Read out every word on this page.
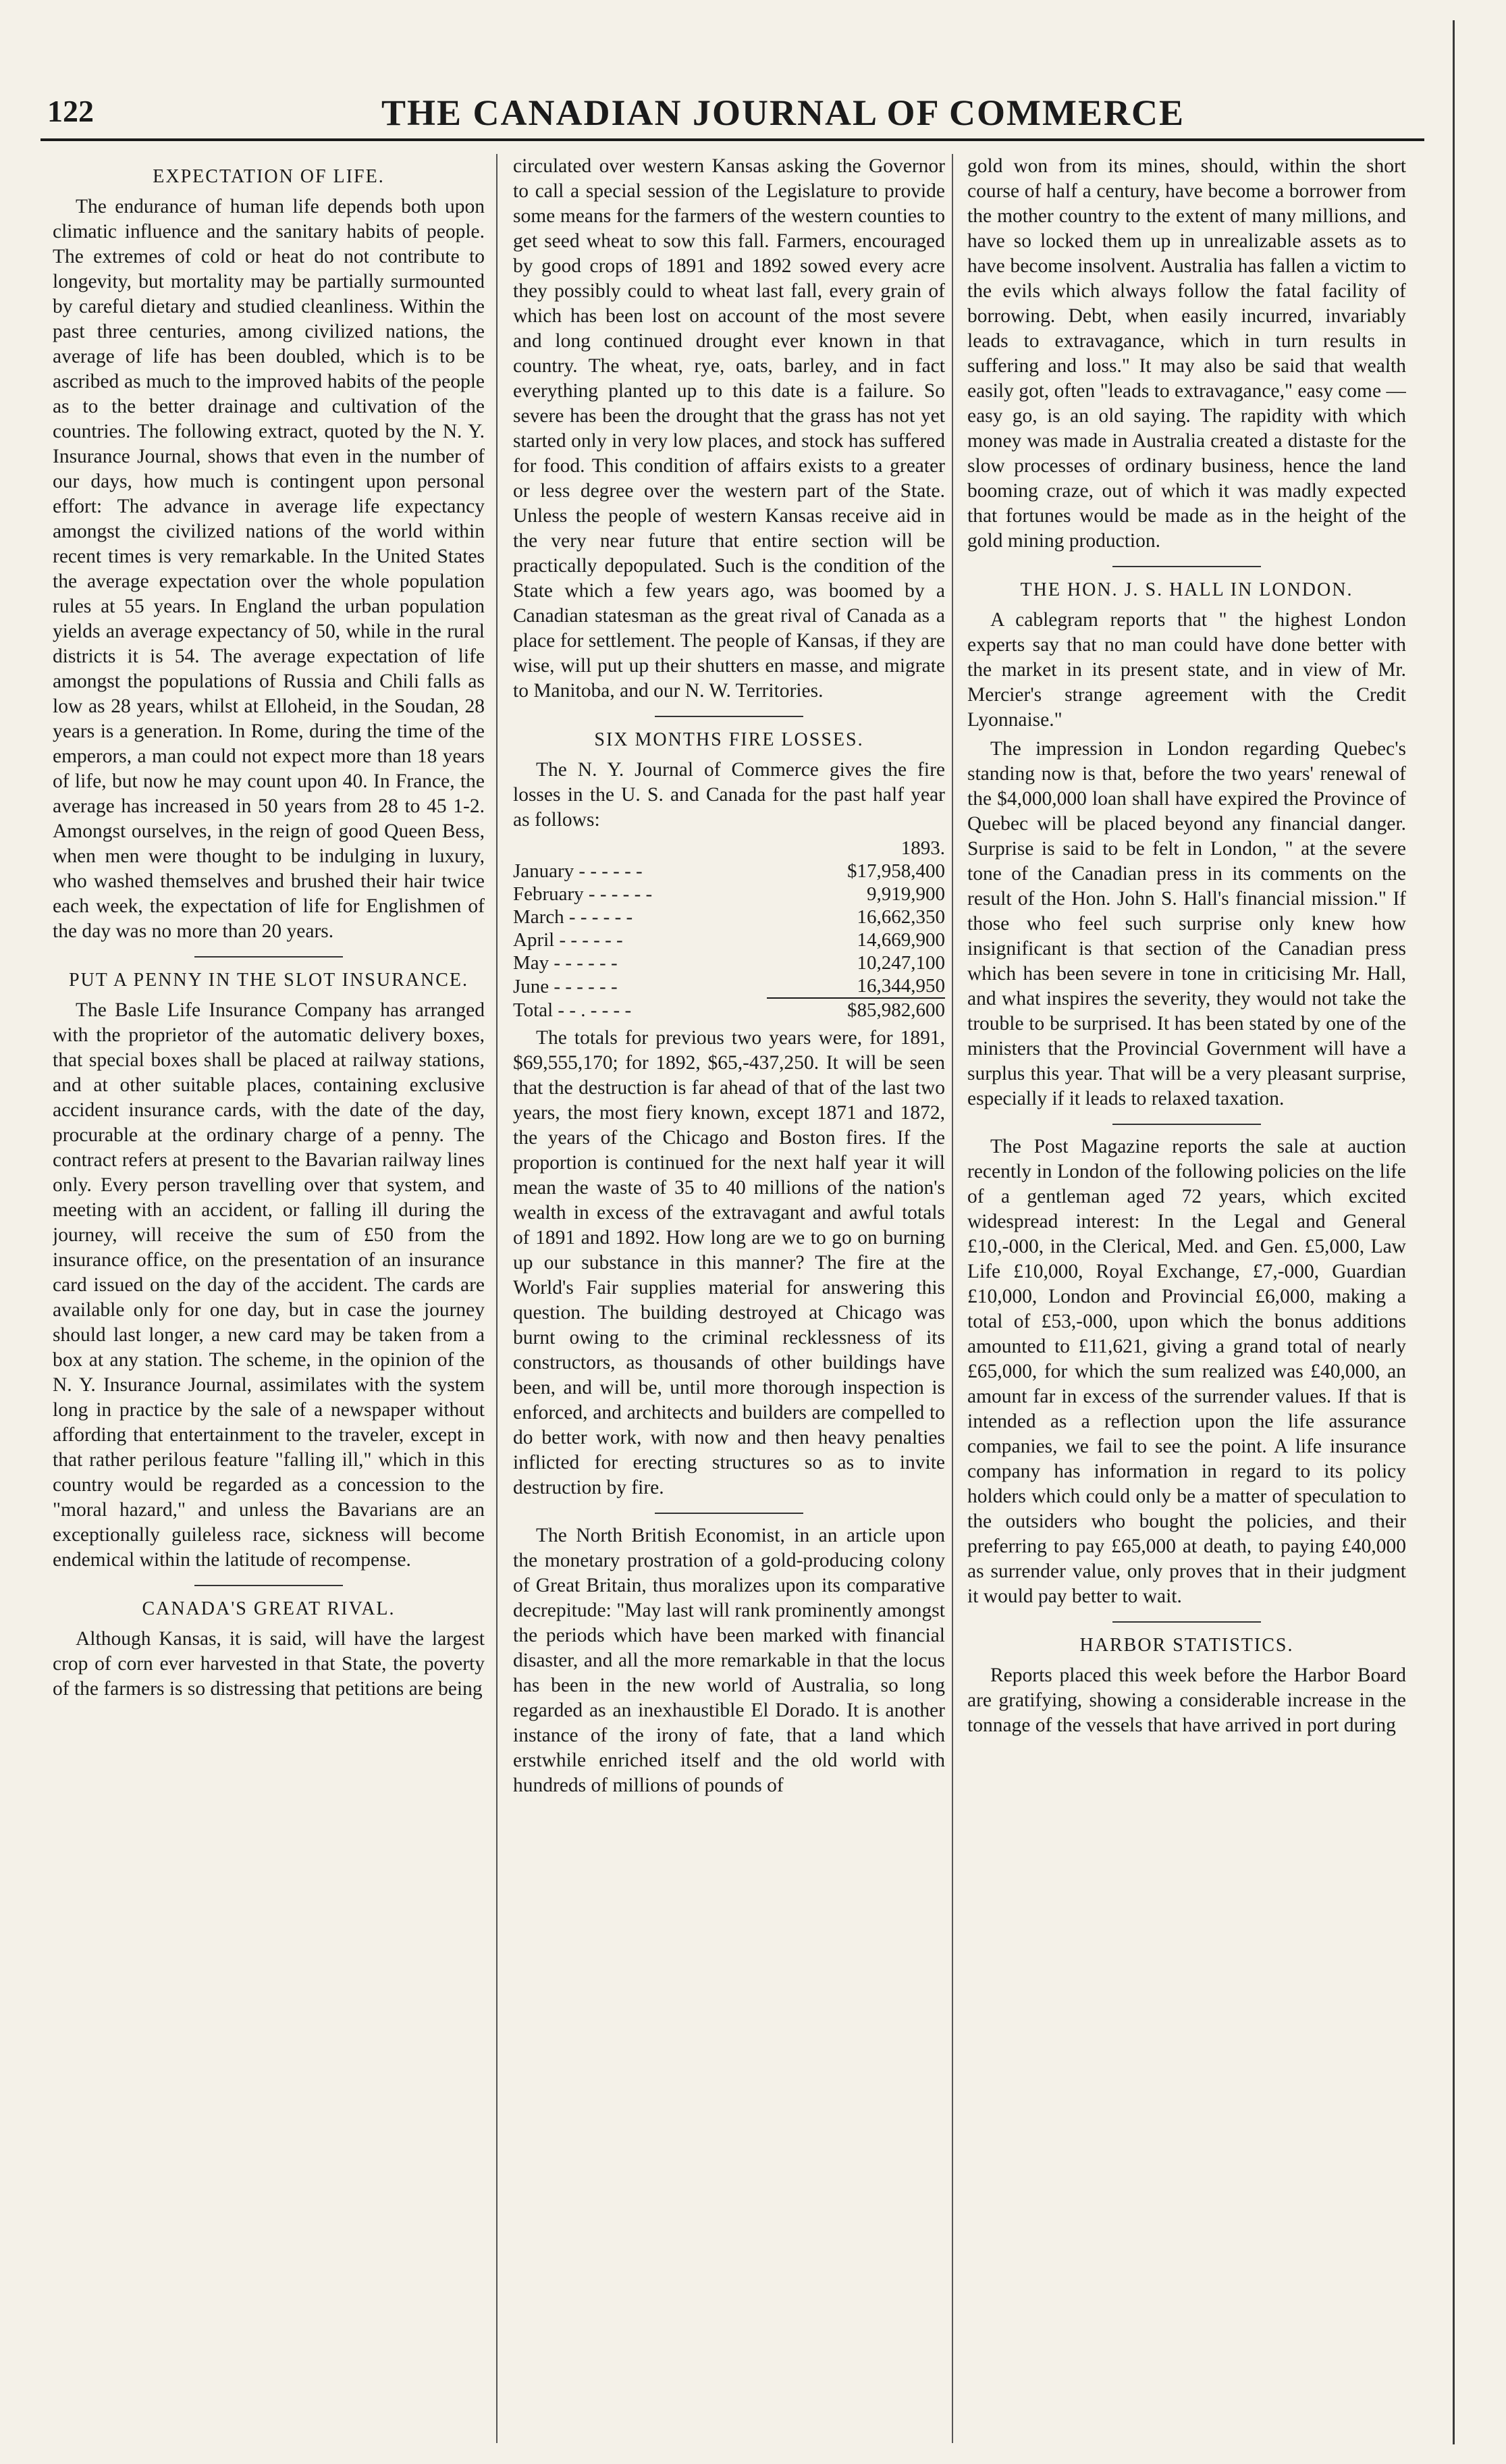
122	THE CANADIAN JOURNAL OF COMMERCE
EXPECTATION OF LIFE.

The endurance of human life depends both upon climatic influence and the sanitary habits of people. The extremes of cold or heat do not contribute to longevity, but mortality may be partially surmounted by careful dietary and studied cleanliness. Within the past three centuries, among civilized nations, the average of life has been doubled, which is to be ascribed as much to the improved habits of the people as to the better drainage and cultivation of the countries. The following extract, quoted by the N. Y. Insurance Journal, shows that even in the number of our days, how much is contingent upon personal effort: The advance in average life expectancy amongst the civilized nations of the world within recent times is very remarkable. In the United States the average expectation over the whole population rules at 55 years. In England the urban population yields an average expectancy of 50, while in the rural districts it is 54. The average expectation of life amongst the populations of Russia and Chili falls as low as 28 years, whilst at Elloheid, in the Soudan, 28 years is a generation. In Rome, during the time of the emperors, a man could not expect more than 18 years of life, but now he may count upon 40. In France, the average has increased in 50 years from 28 to 45 1-2. Amongst ourselves, in the reign of good Queen Bess, when men were thought to be indulging in luxury, who washed themselves and brushed their hair twice each week, the expectation of life for Englishmen of the day was no more than 20 years.

PUT A PENNY IN THE SLOT INSURANCE.

The Basle Life Insurance Company has arranged with the proprietor of the automatic delivery boxes, that special boxes shall be placed at railway stations, and at other suitable places, containing exclusive accident insurance cards, with the date of the day, procurable at the ordinary charge of a penny. The contract refers at present to the Bavarian railway lines only. Every person travelling over that system, and meeting with an accident, or falling ill during the journey, will receive the sum of £50 from the insurance office, on the presentation of an insurance card issued on the day of the accident. The cards are available only for one day, but in case the journey should last longer, a new card may be taken from a box at any station. The scheme, in the opinion of the N. Y. Insurance Journal, assimilates with the system long in practice by the sale of a newspaper without affording that entertainment to the traveler, except in that rather perilous feature "falling ill," which in this country would be regarded as a concession to the "moral hazard," and unless the Bavarians are an exceptionally guileless race, sickness will become endemical within the latitude of recompense.

CANADA'S GREAT RIVAL.

Although Kansas, it is said, will have the largest crop of corn ever harvested in that State, the poverty of the farmers is so distressing that petitions are being

circulated over western Kansas asking the Governor to call a special session of the Legislature to provide some means for the farmers of the western counties to get seed wheat to sow this fall. Farmers, encouraged by good crops of 1891 and 1892 sowed every acre they possibly could to wheat last fall, every grain of which has been lost on account of the most severe and long continued drought ever known in that country. The wheat, rye, oats, barley, and in fact everything planted up to this date is a failure. So severe has been the drought that the grass has not yet started only in very low places, and stock has suffered for food. This condition of affairs exists to a greater or less degree over the western part of the State. Unless the people of western Kansas receive aid in the very near future that entire section will be practically depopulated. Such is the condition of the State which a few years ago, was boomed by a Canadian statesman as the great rival of Canada as a place for settlement. The people of Kansas, if they are wise, will put up their shutters en masse, and migrate to Manitoba, and our N. W. Territories.

SIX MONTHS FIRE LOSSES.

The N. Y. Journal of Commerce gives the fire losses in the U. S. and Canada for the past half year as follows:

	1893.
January - - - - - -	$17,958,400
February - - - - - -	9,919,900
March - - - - - -	16,662,350
April - - - - - -	14,669,900
May - - - - - -	10,247,100
June - - - - - -	16,344,950
Total - - . - - - -	$85,982,600

The totals for previous two years were, for 1891, $69,555,170; for 1892, $65,-437,250. It will be seen that the destruction is far ahead of that of the last two years, the most fiery known, except 1871 and 1872, the years of the Chicago and Boston fires. If the proportion is continued for the next half year it will mean the waste of 35 to 40 millions of the nation's wealth in excess of the extravagant and awful totals of 1891 and 1892. How long are we to go on burning up our substance in this manner? The fire at the World's Fair supplies material for answering this question. The building destroyed at Chicago was burnt owing to the criminal recklessness of its constructors, as thousands of other buildings have been, and will be, until more thorough inspection is enforced, and architects and builders are compelled to do better work, with now and then heavy penalties inflicted for erecting structures so as to invite destruction by fire.

The North British Economist, in an article upon the monetary prostration of a gold-producing colony of Great Britain, thus moralizes upon its comparative decrepitude: "May last will rank prominently amongst the periods which have been marked with financial disaster, and all the more remarkable in that the locus has been in the new world of Australia, so long regarded as an inexhaustible El Dorado. It is another instance of the irony of fate, that a land which erstwhile enriched itself and the old world with hundreds of millions of pounds of

gold won from its mines, should, within the short course of half a century, have become a borrower from the mother country to the extent of many millions, and have so locked them up in unrealizable assets as to have become insolvent. Australia has fallen a victim to the evils which always follow the fatal facility of borrowing. Debt, when easily incurred, invariably leads to extravagance, which in turn results in suffering and loss." It may also be said that wealth easily got, often "leads to extravagance," easy come —easy go, is an old saying. The rapidity with which money was made in Australia created a distaste for the slow processes of ordinary business, hence the land booming craze, out of which it was madly expected that fortunes would be made as in the height of the gold mining production.

THE HON. J. S. HALL IN LONDON.

A cablegram reports that " the highest London experts say that no man could have done better with the market in its present state, and in view of Mr. Mercier's strange agreement with the Credit Lyonnaise."

The impression in London regarding Quebec's standing now is that, before the two years' renewal of the $4,000,000 loan shall have expired the Province of Quebec will be placed beyond any financial danger. Surprise is said to be felt in London, " at the severe tone of the Canadian press in its comments on the result of the Hon. John S. Hall's financial mission." If those who feel such surprise only knew how insignificant is that section of the Canadian press which has been severe in tone in criticising Mr. Hall, and what inspires the severity, they would not take the trouble to be surprised. It has been stated by one of the ministers that the Provincial Government will have a surplus this year. That will be a very pleasant surprise, especially if it leads to relaxed taxation.

The Post Magazine reports the sale at auction recently in London of the following policies on the life of a gentleman aged 72 years, which excited widespread interest: In the Legal and General £10,-000, in the Clerical, Med. and Gen. £5,000, Law Life £10,000, Royal Exchange, £7,-000, Guardian £10,000, London and Provincial £6,000, making a total of £53,-000, upon which the bonus additions amounted to £11,621, giving a grand total of nearly £65,000, for which the sum realized was £40,000, an amount far in excess of the surrender values. If that is intended as a reflection upon the life assurance companies, we fail to see the point. A life insurance company has information in regard to its policy holders which could only be a matter of speculation to the outsiders who bought the policies, and their preferring to pay £65,000 at death, to paying £40,000 as surrender value, only proves that in their judgment it would pay better to wait.

HARBOR STATISTICS.

Reports placed this week before the Harbor Board are gratifying, showing a considerable increase in the tonnage of the vessels that have arrived in port during
